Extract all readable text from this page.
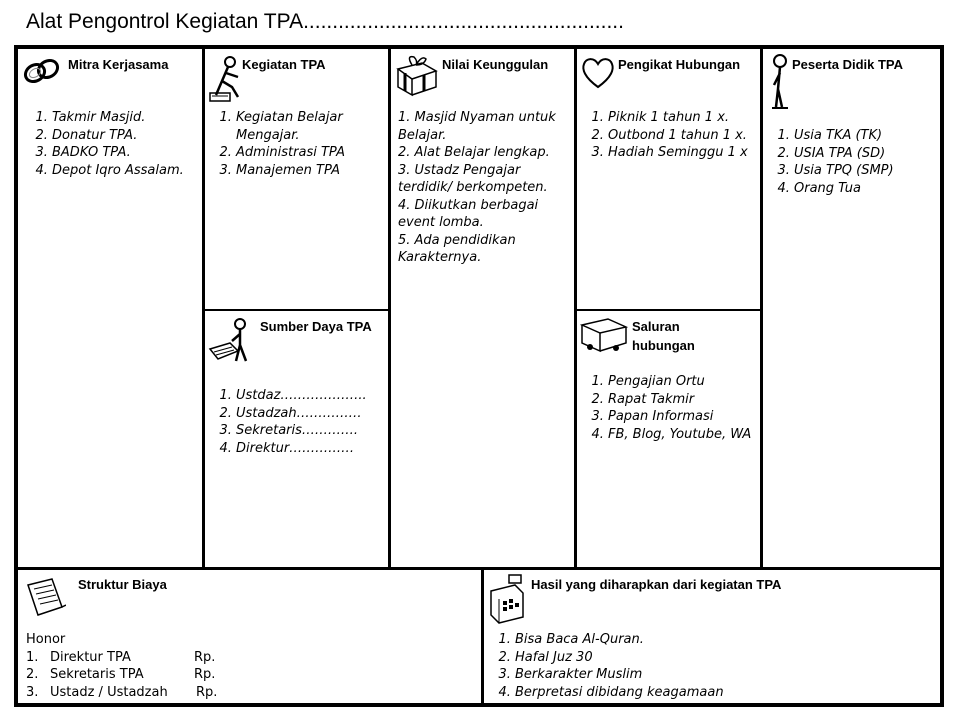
Alat Pengontrol Kegiatan TPA.......................................................
Mitra Kerjasama
1. Takmir Masjid.
2. Donatur TPA.
3. BADKO TPA.
4. Depot Iqro Assalam.
Kegiatan TPA
1. Kegiatan Belajar Mengajar.
2. Administrasi TPA
3. Manajemen TPA
Sumber Daya TPA
1. Ustdaz………………..
2. Ustadzah……………
3. Sekretaris………….
4. Direktur……………
Nilai Keunggulan

1. Masjid Nyaman untuk Belajar.

2. Alat Belajar lengkap.

3. Ustadz Pengajar terdidik/ berkompeten.

4. Diikutkan berbagai event lomba.

5. Ada pendidikan Karakternya.

Pengikat Hubungan
1. Piknik 1 tahun 1 x.
2. Outbond 1 tahun 1 x.
3. Hadiah Seminggu 1 x
Saluran
hubungan
1. Pengajian Ortu
2. Rapat Takmir
3. Papan Informasi
4. FB, Blog, Youtube, WA
Peserta Didik TPA
1. Usia TKA (TK)
2. USIA TPA (SD)
3. Usia TPQ (SMP)
4. Orang Tua
Struktur Biaya
Honor
1. Direktur TPA	Rp.
2. Sekretaris TPA	Rp.
3. Ustadz / Ustadzah	Rp.
Hasil yang diharapkan dari kegiatan TPA
1. Bisa Baca Al-Quran.
2. Hafal Juz 30
3. Berkarakter Muslim
4. Berpretasi dibidang keagamaan
